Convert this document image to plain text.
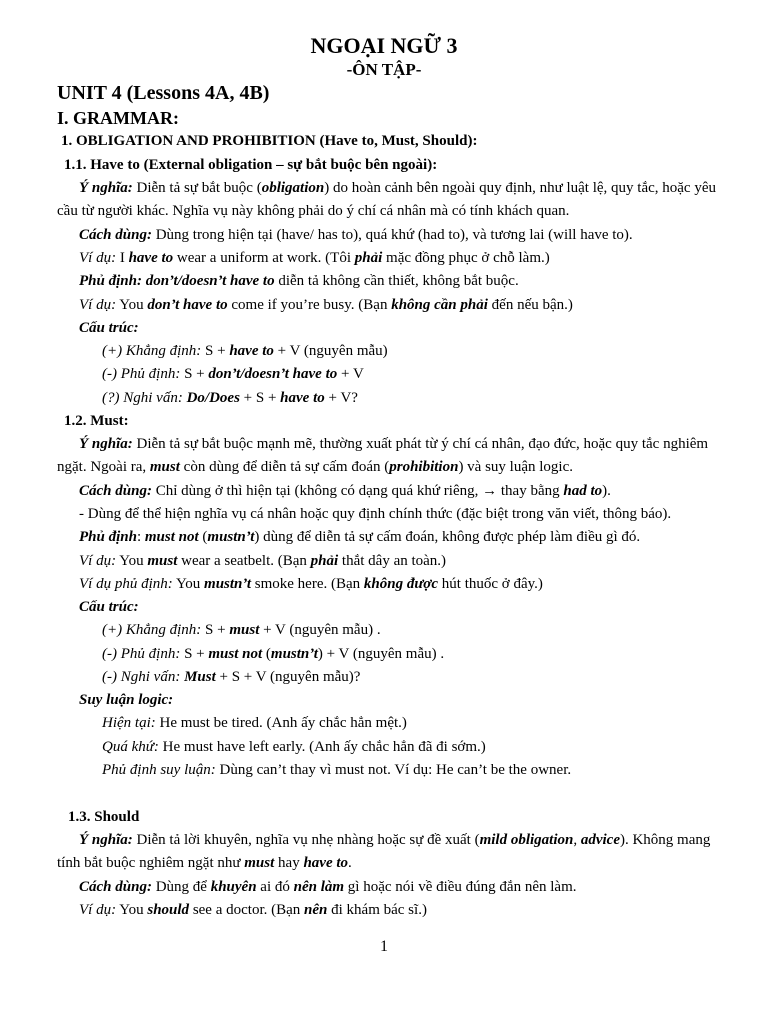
NGOẠI NGỮ 3
-ÔN TẬP-
UNIT 4 (Lessons 4A, 4B)
I. GRAMMAR:
1. OBLIGATION AND PROHIBITION (Have to, Must, Should):
1.1. Have to (External obligation – sự bắt buộc bên ngoài):
Ý nghĩa: Diễn tả sự bắt buộc (obligation) do hoàn cảnh bên ngoài quy định, như luật lệ, quy tắc, hoặc yêu
cầu từ người khác. Nghĩa vụ này không phải do ý chí cá nhân mà có tính khách quan.
Cách dùng: Dùng trong hiện tại (have/ has to), quá khứ (had to), và tương lai (will have to).
Ví dụ: I have to wear a uniform at work. (Tôi phải mặc đồng phục ở chỗ làm.)
Phủ định: don’t/doesn’t have to diễn tả không cần thiết, không bắt buộc.
Ví dụ: You don’t have to come if you’re busy. (Bạn không cần phải đến nếu bận.)
Cấu trúc:
(+) Khẳng định: S + have to + V (nguyên mẫu)
(-) Phủ định: S + don’t/doesn’t have to + V
(?) Nghi vấn: Do/Does + S + have to + V?
1.2. Must:
Ý nghĩa: Diễn tả sự bắt buộc mạnh mẽ, thường xuất phát từ ý chí cá nhân, đạo đức, hoặc quy tắc nghiêm
ngặt. Ngoài ra, must còn dùng để diễn tả sự cấm đoán (prohibition) và suy luận logic.
Cách dùng: Chỉ dùng ở thì hiện tại (không có dạng quá khứ riêng, → thay bằng had to).
- Dùng để thể hiện nghĩa vụ cá nhân hoặc quy định chính thức (đặc biệt trong văn viết, thông báo).
Phủ định: must not (mustn’t) dùng để diễn tả sự cấm đoán, không được phép làm điều gì đó.
Ví dụ: You must wear a seatbelt. (Bạn phải thắt dây an toàn.)
Ví dụ phủ định: You mustn’t smoke here. (Bạn không được hút thuốc ở đây.)
Cấu trúc:
(+) Khẳng định: S + must + V (nguyên mẫu) .
(-) Phủ định: S + must not (mustn’t) + V (nguyên mẫu) .
(-) Nghi vấn: Must + S + V (nguyên mẫu)?
Suy luận logic:
Hiện tại: He must be tired. (Anh ấy chắc hẳn mệt.)
Quá khứ: He must have left early. (Anh ấy chắc hẳn đã đi sớm.)
Phủ định suy luận: Dùng can’t thay vì must not. Ví dụ: He can’t be the owner.
1.3. Should
Ý nghĩa: Diễn tả lời khuyên, nghĩa vụ nhẹ nhàng hoặc sự đề xuất (mild obligation, advice). Không mang
tính bắt buộc nghiêm ngặt như must hay have to.
Cách dùng: Dùng để khuyên ai đó nên làm gì hoặc nói về điều đúng đắn nên làm.
Ví dụ: You should see a doctor. (Bạn nên đi khám bác sĩ.)
1
